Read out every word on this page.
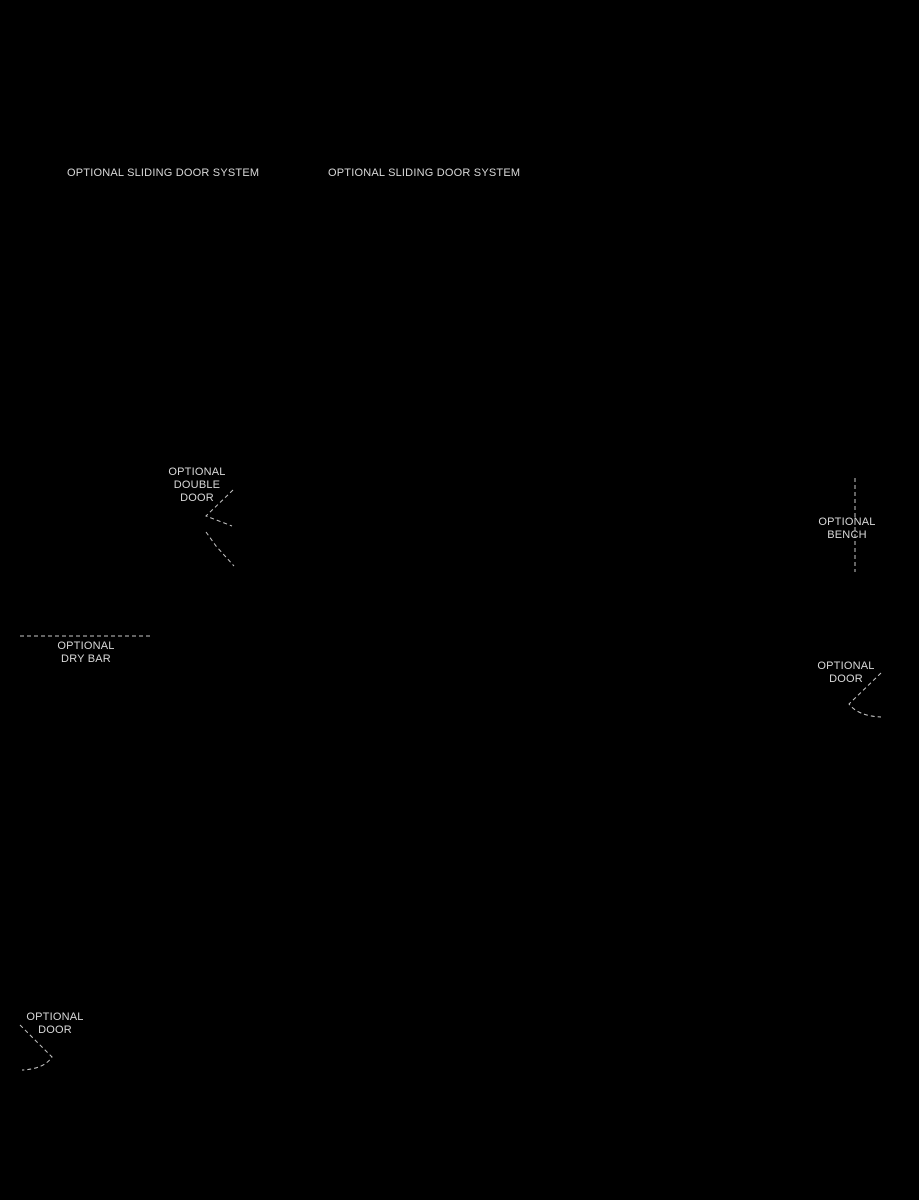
OPTIONAL SLIDING DOOR SYSTEM	OPTIONAL SLIDING DOOR SYSTEM
OPTIONAL
DOUBLE
DOOR
OPTIONAL
BENCH
OPTIONAL
DRY BAR
OPTIONAL
DOOR
OPTIONAL
DOOR
